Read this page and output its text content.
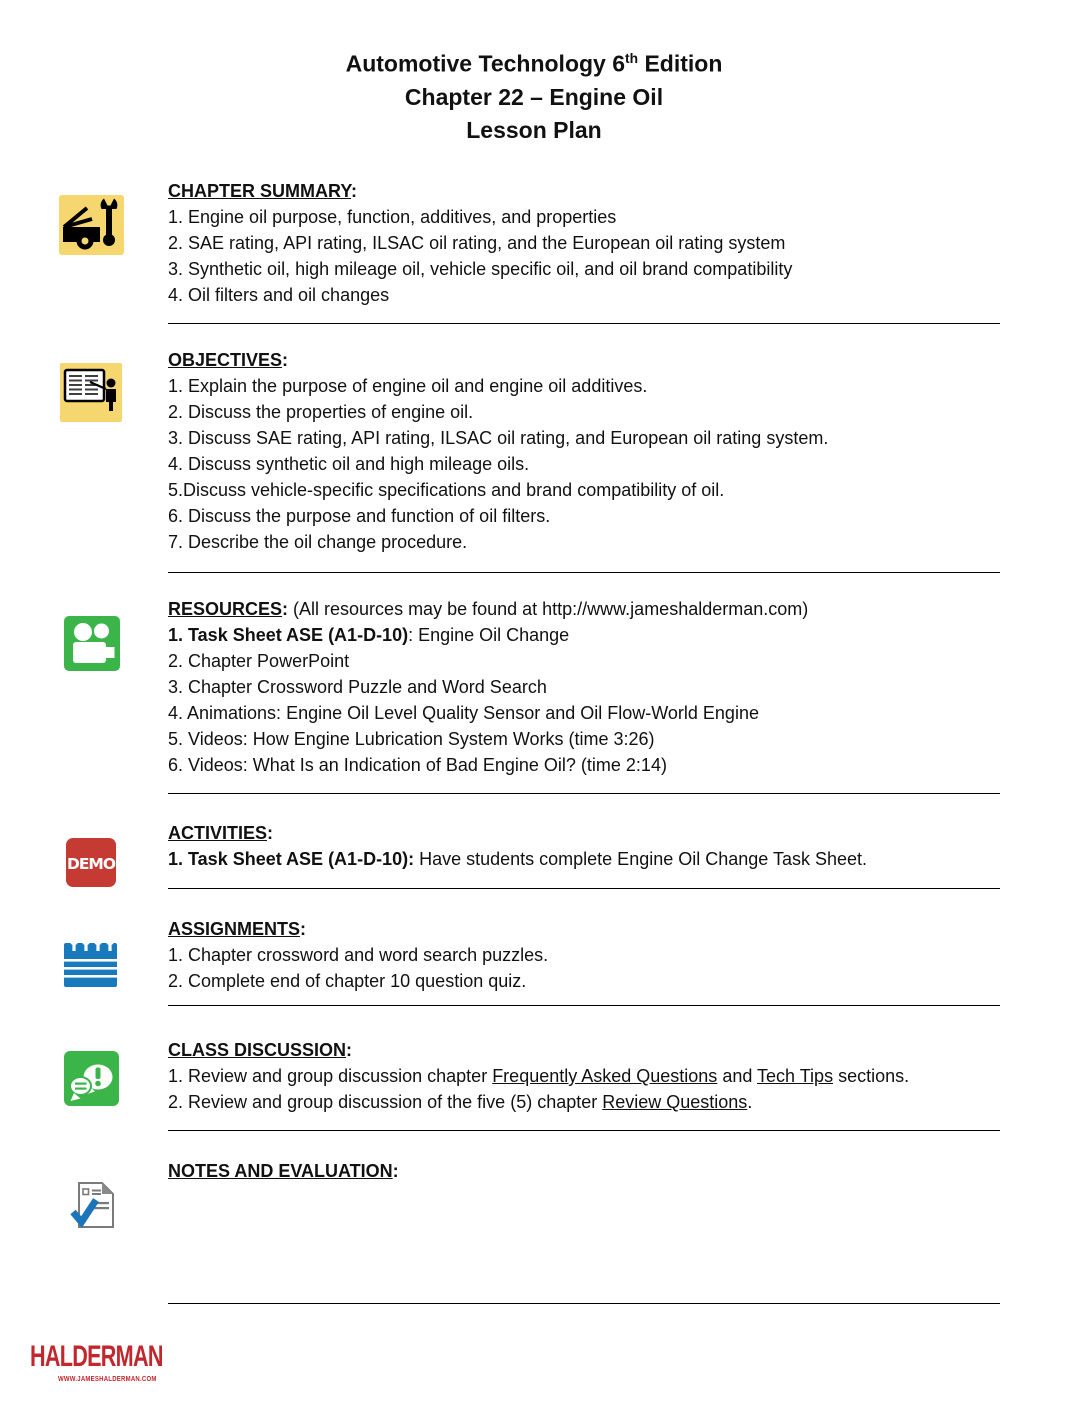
Automotive Technology 6th Edition
Chapter 22 – Engine Oil
Lesson Plan
CHAPTER SUMMARY:

1. Engine oil purpose, function, additives, and properties

2. SAE rating, API rating, ILSAC oil rating, and the European oil rating system

3. Synthetic oil, high mileage oil, vehicle specific oil, and oil brand compatibility

4. Oil filters and oil changes

OBJECTIVES:

1. Explain the purpose of engine oil and engine oil additives.

2. Discuss the properties of engine oil.

3. Discuss SAE rating, API rating, ILSAC oil rating, and European oil rating system.

4. Discuss synthetic oil and high mileage oils.

5.Discuss vehicle-specific specifications and brand compatibility of oil.

6. Discuss the purpose and function of oil filters.

7. Describe the oil change procedure.

RESOURCES: (All resources may be found at http://www.jameshalderman.com)

1. Task Sheet ASE (A1-D-10): Engine Oil Change

2. Chapter PowerPoint

3. Chapter Crossword Puzzle and Word Search

4. Animations: Engine Oil Level Quality Sensor and Oil Flow-World Engine

5. Videos: How Engine Lubrication System Works (time 3:26)

6. Videos: What Is an Indication of Bad Engine Oil? (time 2:14)

DEMO
ACTIVITIES:

1. Task Sheet ASE (A1-D-10): Have students complete Engine Oil Change Task Sheet.

ASSIGNMENTS:

1. Chapter crossword and word search puzzles.

2. Complete end of chapter 10 question quiz.

CLASS DISCUSSION:

1. Review and group discussion chapter Frequently Asked Questions and Tech Tips sections.

2. Review and group discussion of the five (5) chapter Review Questions.

NOTES AND EVALUATION:
HALDERMAN
WWW.JAMESHALDERMAN.COM
